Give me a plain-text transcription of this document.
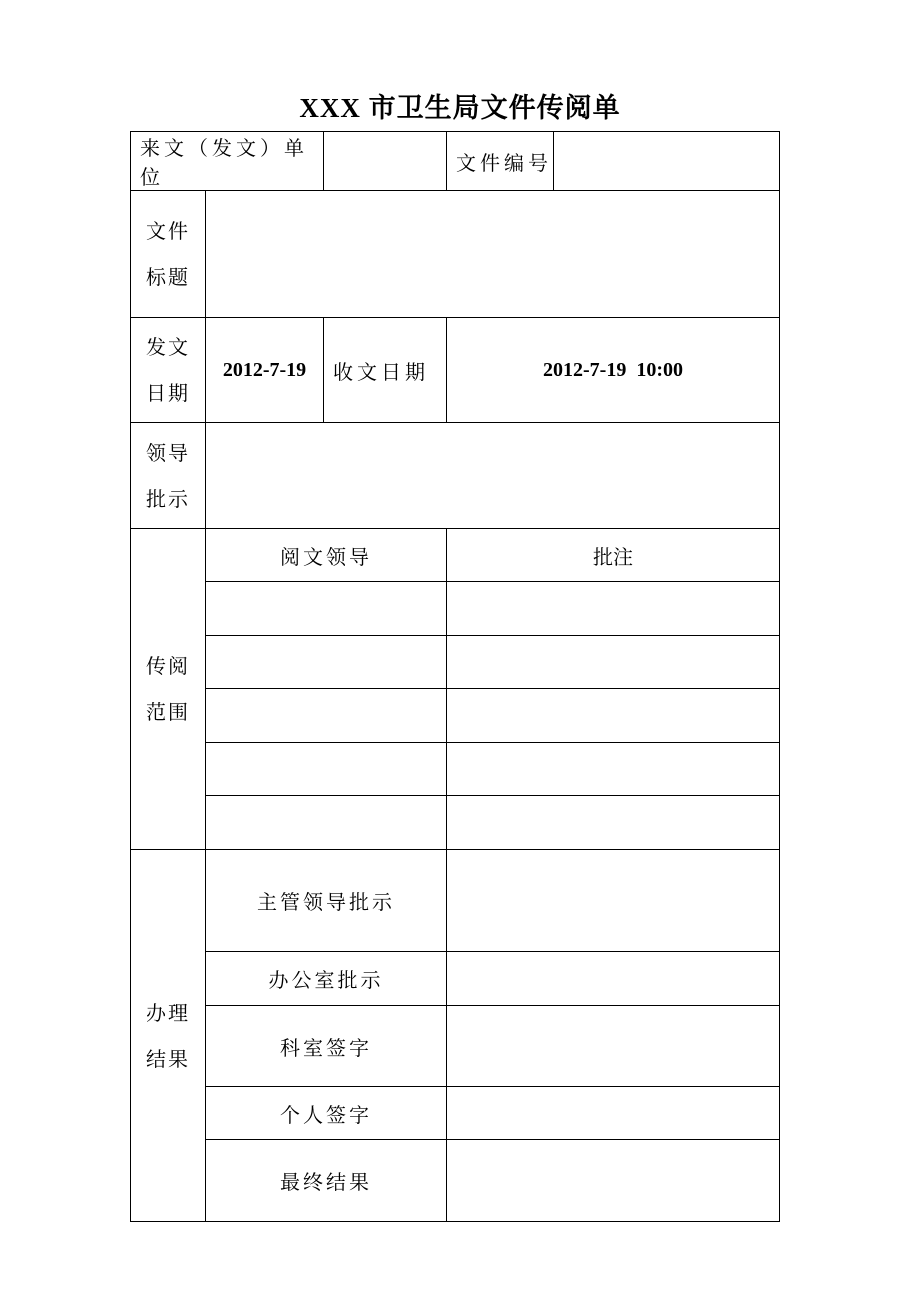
XXX 市卫生局文件传阅单
来文（发文）单位			文件编号	

文件
标题				

发文
日期	2012-7-19	收文日期	2012-7-19  10:00	

领导
批示				

传阅
范围	阅文领导		批注	

办理
结果	主管领导批示			
	办公室批示			
	科室签字			
	个人签字			
	最终结果			
